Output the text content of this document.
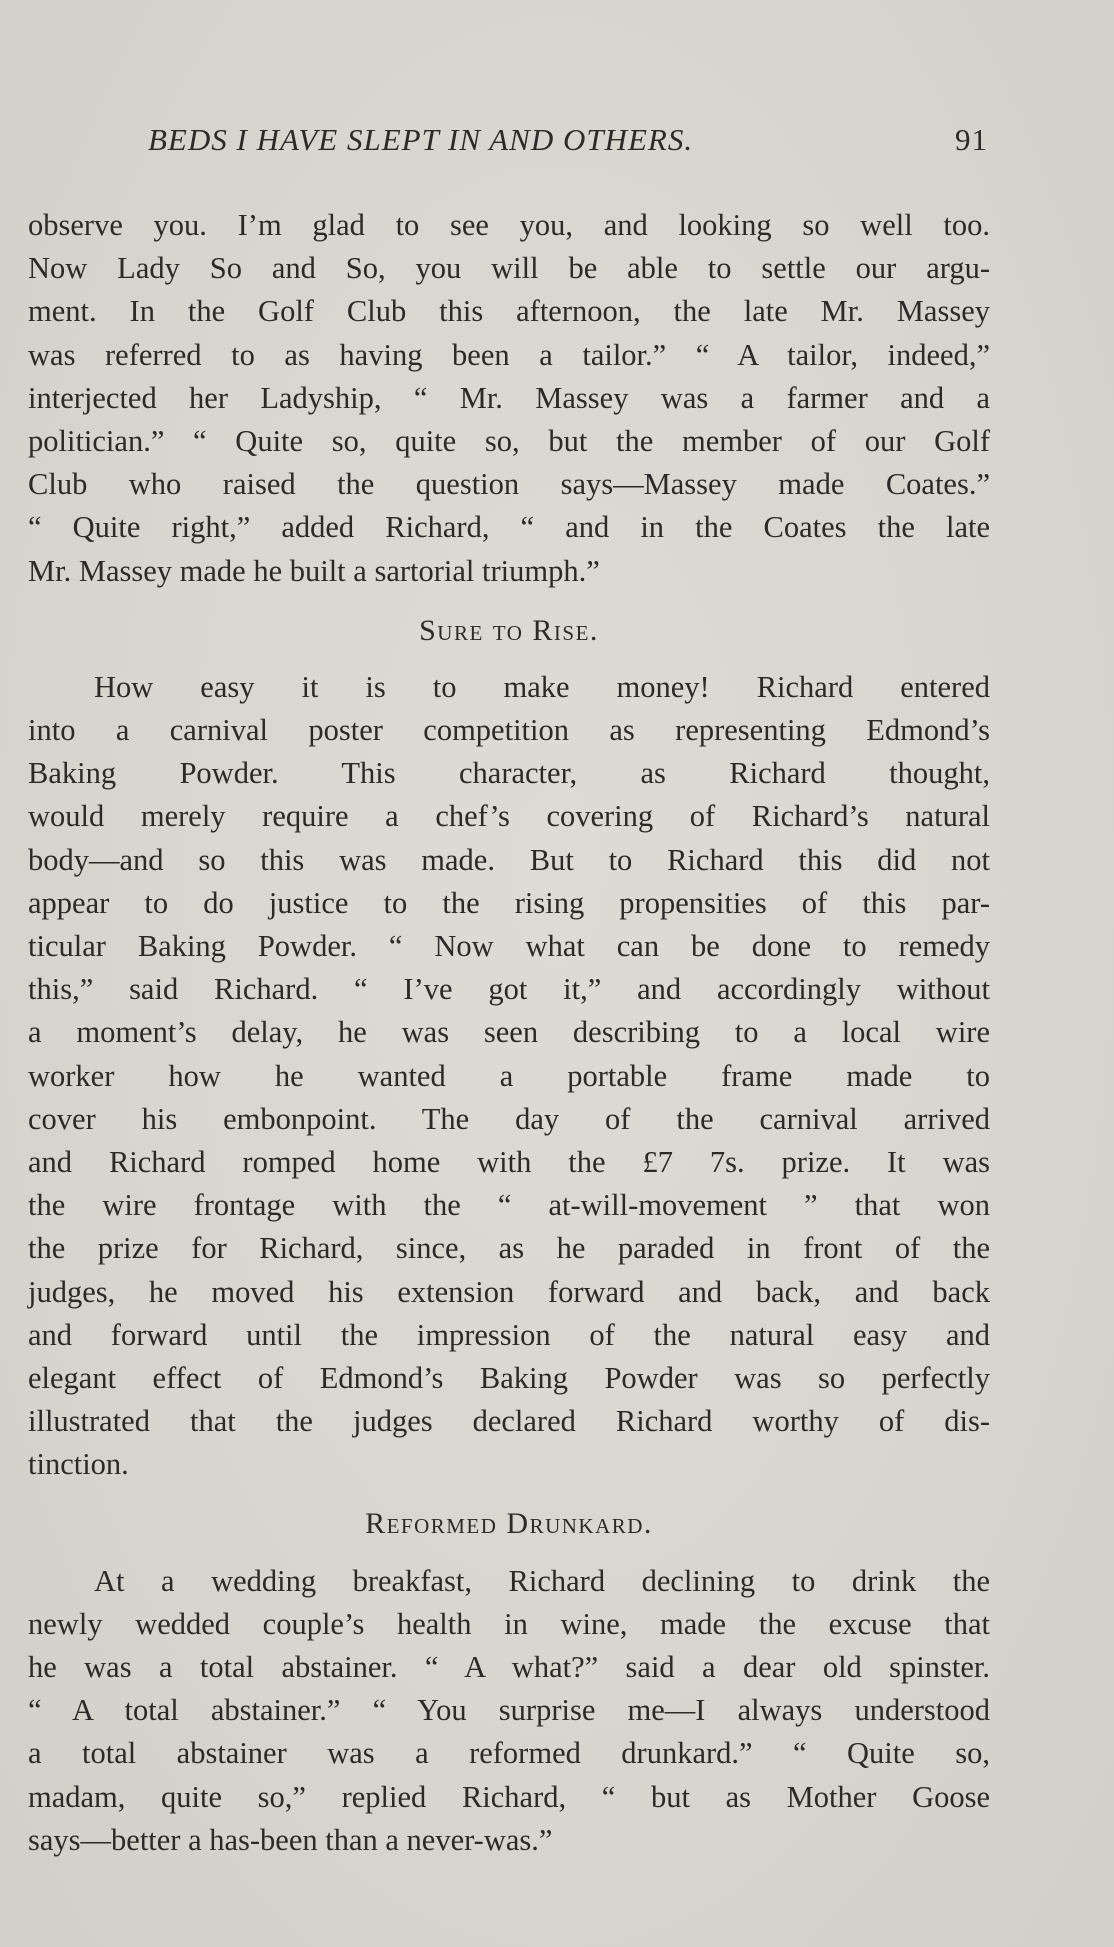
BEDS I HAVE SLEPT IN AND OTHERS.	91
observe you. I’m glad to see you, and looking so well too.
Now Lady So and So, you will be able to settle our argu-
ment. In the Golf Club this afternoon, the late Mr. Massey
was referred to as having been a tailor.” “ A tailor, indeed,”
interjected her Ladyship, “ Mr. Massey was a farmer and a
politician.” “ Quite so, quite so, but the member of our Golf
Club who raised the question says—Massey made Coates.”
“ Quite right,” added Richard, “ and in the Coates the late
Mr. Massey made he built a sartorial triumph.”
Sure to Rise.
How easy it is to make money! Richard entered
into a carnival poster competition as representing Edmond’s
Baking Powder. This character, as Richard thought,
would merely require a chef’s covering of Richard’s natural
body—and so this was made. But to Richard this did not
appear to do justice to the rising propensities of this par-
ticular Baking Powder. “ Now what can be done to remedy
this,” said Richard. “ I’ve got it,” and accordingly without
a moment’s delay, he was seen describing to a local wire
worker how he wanted a portable frame made to
cover his embonpoint. The day of the carnival arrived
and Richard romped home with the £7 7s. prize. It was
the wire frontage with the “ at-will-movement ” that won
the prize for Richard, since, as he paraded in front of the
judges, he moved his extension forward and back, and back
and forward until the impression of the natural easy and
elegant effect of Edmond’s Baking Powder was so perfectly
illustrated that the judges declared Richard worthy of dis-
tinction.
Reformed Drunkard.
At a wedding breakfast, Richard declining to drink the
newly wedded couple’s health in wine, made the excuse that
he was a total abstainer. “ A what?” said a dear old spinster.
“ A total abstainer.” “ You surprise me—I always understood
a total abstainer was a reformed drunkard.” “ Quite so,
madam, quite so,” replied Richard, “ but as Mother Goose
says—better a has-been than a never-was.”
